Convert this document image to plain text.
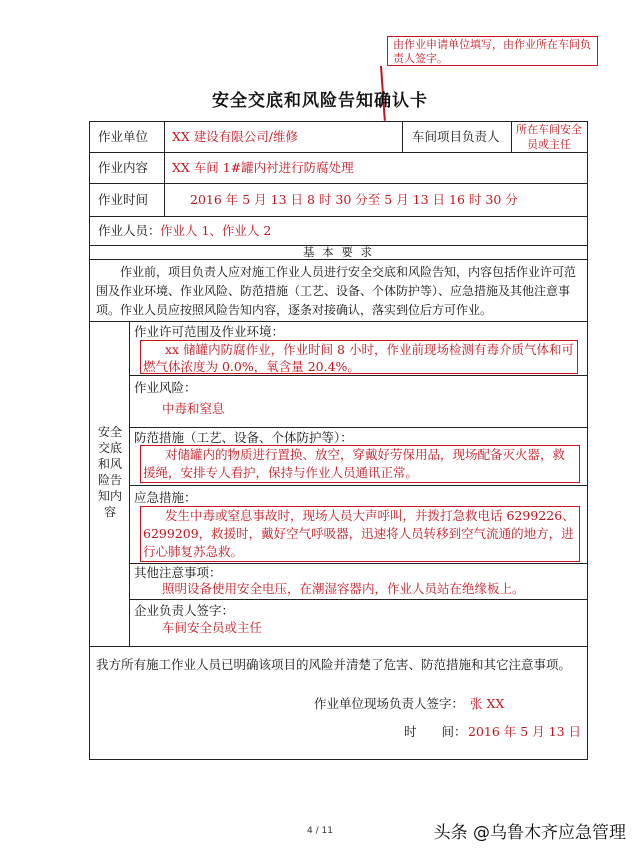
由作业申请单位填写，由作业所在车间负责人签字。
安全交底和风险告知确认卡
作业单位 XX 建设有限公司/维修	车间项目负责人 所在车间安全员或主任
作业内容 XX 车间 1#罐内衬进行防腐处理
作业时间	2016 年 5 月 13 日 8 时 30 分至 5 月 13 日 16 时 30 分
作业人员： 作业人 1、作业人 2
基 本 要 求
作业前，项目负责人应对施工作业人员进行安全交底和风险告知，内容包括作业许可范围及作业环境、作业风险、防范措施（工艺、设备、个体防护等）、应急措施及其他注意事项。作业人员应按照风险告知内容，逐条对接确认，落实到位后方可作业。
安全交底和风险告知内容
作业许可范围及作业环境：
xx 储罐内防腐作业，作业时间 8 小时，作业前现场检测有毒介质气体和可燃气体浓度为 0.0%，氧含量 20.4%。
作业风险：
中毒和窒息
防范措施（工艺、设备、个体防护等）：
对储罐内的物质进行置换、放空，穿戴好劳保用品，现场配备灭火器，救援绳，安排专人看护，保持与作业人员通讯正常。
应急措施：
发生中毒或窒息事故时，现场人员大声呼叫，并拨打急救电话 6299226、6299209，救援时，戴好空气呼吸器，迅速将人员转移到空气流通的地方，进行心肺复苏急救。
其他注意事项：
照明设备使用安全电压，在潮湿容器内，作业人员站在绝缘板上。
企业负责人签字：
车间安全员或主任
我方所有施工作业人员已明确该项目的风险并清楚了危害、防范措施和其它注意事项。
作业单位现场负责人签字： 张 XX
时　　间： 2016 年 5 月 13 日
4 / 11	头条 @乌鲁木齐应急管理
